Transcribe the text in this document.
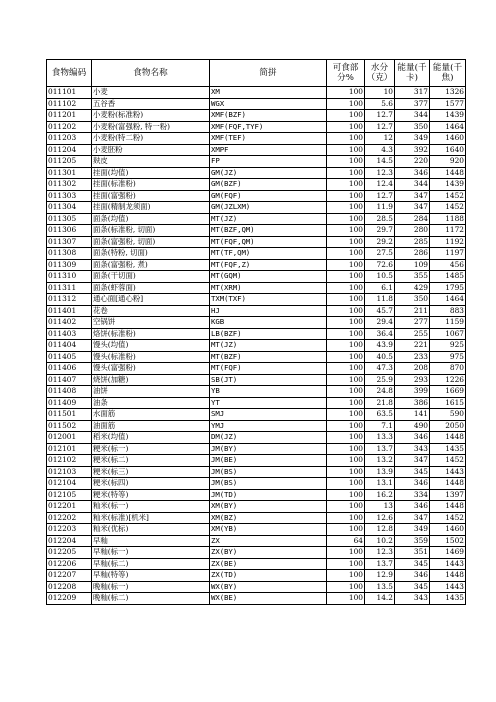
食物编码	食物名称	简拼	可食部分%	水分（克）	能量(千卡)	能量(千焦)
011101	小麦	XM	100	10	317	1326
011102	五谷香	WGX	100	5.6	377	1577
011201	小麦粉(标准粉)	XMF(BZF)	100	12.7	344	1439
011202	小麦粉(富强粉, 特一粉)	XMF(FQF,TYF)	100	12.7	350	1464
011203	小麦粉(特二粉)	XMF(TEF)	100	12	349	1460
011204	小麦胚粉	XMPF	100	4.3	392	1640
011205	麸皮	FP	100	14.5	220	920
011301	挂面(均值)	GM(JZ)	100	12.3	346	1448
011302	挂面(标准粉)	GM(BZF)	100	12.4	344	1439
011303	挂面(富强粉)	GM(FQF)	100	12.7	347	1452
011304	挂面(精制龙须面)	GM(JZLXM)	100	11.9	347	1452
011305	面条(均值)	MT(JZ)	100	28.5	284	1188
011306	面条(标准粉, 切面)	MT(BZF,QM)	100	29.7	280	1172
011307	面条(富强粉, 切面)	MT(FQF,QM)	100	29.2	285	1192
011308	面条(特粉, 切面)	MT(TF,QM)	100	27.5	286	1197
011309	面条(富强粉, 煮)	MT(FQF,Z)	100	72.6	109	456
011310	面条(干切面)	MT(GQM)	100	10.5	355	1485
011311	面条(虾蓉面)	MT(XRM)	100	6.1	429	1795
011312	通心面[通心粉]	TXM(TXF)	100	11.8	350	1464
011401	花卷	HJ	100	45.7	211	883
011402	空锅饼	KGB	100	29.4	277	1159
011403	烙饼(标准粉)	LB(BZF)	100	36.4	255	1067
011404	馒头(均值)	MT(JZ)	100	43.9	221	925
011405	馒头(标准粉)	MT(BZF)	100	40.5	233	975
011406	馒头(富强粉)	MT(FQF)	100	47.3	208	870
011407	烧饼(加糖)	SB(JT)	100	25.9	293	1226
011408	油饼	YB	100	24.8	399	1669
011409	油条	YT	100	21.8	386	1615
011501	水面筋	SMJ	100	63.5	141	590
011502	油面筋	YMJ	100	7.1	490	2050
012001	稻米(均值)	DM(JZ)	100	13.3	346	1448
012101	粳米(标一)	JM(BY)	100	13.7	343	1435
012102	粳米(标二)	JM(BE)	100	13.2	347	1452
012103	粳米(标三)	JM(BS)	100	13.9	345	1443
012104	粳米(标四)	JM(BS)	100	13.1	346	1448
012105	粳米(特等)	JM(TD)	100	16.2	334	1397
012201	籼米(标一)	XM(BY)	100	13	346	1448
012202	籼米(标准)[机米]	XM(BZ)	100	12.6	347	1452
012203	籼米(优标)	XM(YB)	100	12.8	349	1460
012204	早籼	ZX	64	10.2	359	1502
012205	早籼(标一)	ZX(BY)	100	12.3	351	1469
012206	早籼(标二)	ZX(BE)	100	13.7	345	1443
012207	早籼(特等)	ZX(TD)	100	12.9	346	1448
012208	晚籼(标一)	WX(BY)	100	13.5	345	1443
012209	晚籼(标二)	WX(BE)	100	14.2	343	1435
